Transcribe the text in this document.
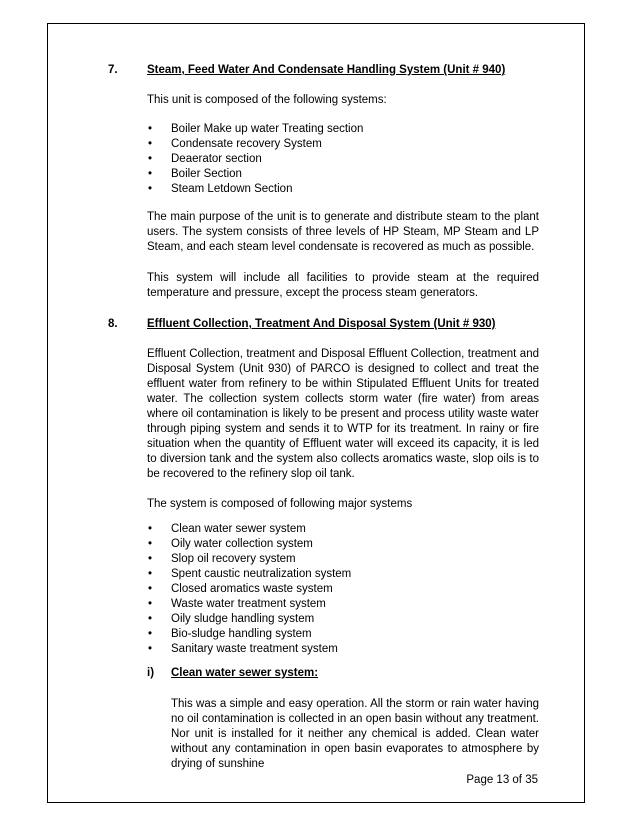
7.	Steam, Feed Water And Condensate Handling System (Unit # 940)
This unit is composed of the following systems:
• Boiler Make up water Treating section
• Condensate recovery System
• Deaerator section
• Boiler Section
• Steam Letdown Section
The main purpose of the unit is to generate and distribute steam to the plant users. The system consists of three levels of HP Steam, MP Steam and LP Steam, and each steam level condensate is recovered as much as possible.
This system will include all facilities to provide steam at the required temperature and pressure, except the process steam generators.
8.	Effluent Collection, Treatment And Disposal System (Unit # 930)
Effluent Collection, treatment and Disposal Effluent Collection, treatment and Disposal System (Unit 930) of PARCO is designed to collect and treat the effluent water from refinery to be within Stipulated Effluent Units for treated water. The collection system collects storm water (fire water) from areas where oil contamination is likely to be present and process utility waste water through piping system and sends it to WTP for its treatment. In rainy or fire situation when the quantity of Effluent water will exceed its capacity, it is led to diversion tank and the system also collects aromatics waste, slop oils is to be recovered to the refinery slop oil tank.
The system is composed of following major systems
• Clean water sewer system
• Oily water collection system
• Slop oil recovery system
• Spent caustic neutralization system
• Closed aromatics waste system
• Waste water treatment system
• Oily sludge handling system
• Bio-sludge handling system
• Sanitary waste treatment system
i) Clean water sewer system:
This was a simple and easy operation. All the storm or rain water having no oil contamination is collected in an open basin without any treatment. Nor unit is installed for it neither any chemical is added. Clean water without any contamination in open basin evaporates to atmosphere by drying of sunshine
Page 13 of 35
